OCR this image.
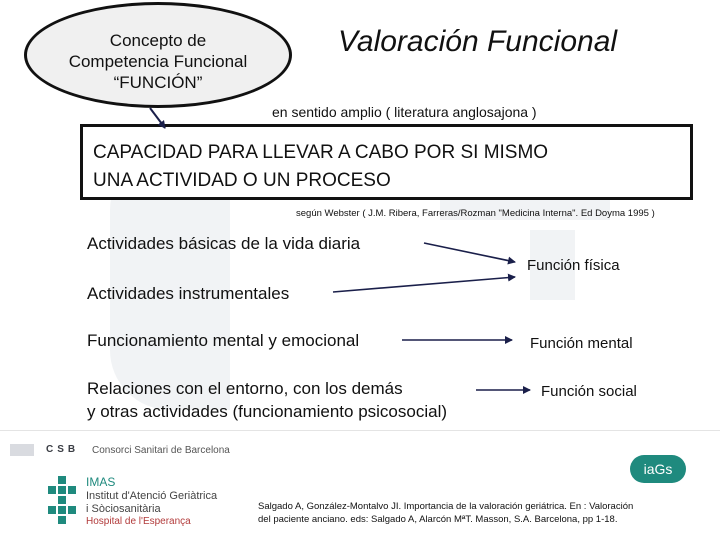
Concepto de
Competencia Funcional
“FUNCIÓN”
Valoración Funcional
en sentido amplio ( literatura anglosajona )
CAPACIDAD PARA LLEVAR A CABO POR SI MISMO
UNA ACTIVIDAD O UN PROCESO
según Webster ( J.M. Ribera, Farreras/Rozman "Medicina Interna". Ed Doyma 1995 )
Actividades básicas de la vida diaria
Actividades instrumentales
Funcionamiento mental y emocional
Relaciones con el entorno, con los demás
y otras actividades (funcionamiento psicosocial)
Función física
Función mental
Función social
CSB Consorci Sanitari de Barcelona
IMAS
Institut d'Atenció Geriàtrica
i Sòciosanitària
Hospital de l'Esperança
iaGs
Salgado A, González-Montalvo JI. Importancia de la valoración geriátrica. En : Valoración
del paciente anciano. eds: Salgado A, Alarcón MªT. Masson, S.A. Barcelona, pp 1-18.
